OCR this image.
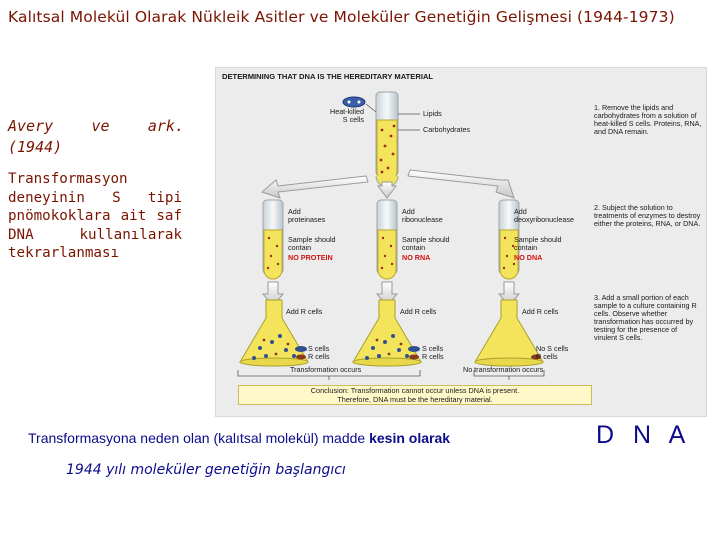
Kalıtsal Molekül Olarak Nükleik Asitler ve Moleküler Genetiğin Gelişmesi (1944-1973)
Avery	ve	ark.
(1944)
Transformasyon deneyinin S tipi pnömokoklara ait saf DNA kullanılarak tekrarlanması
DETERMINING THAT DNA IS THE HEREDITARY MATERIAL
Heat-killed
S cells
Lipids
Carbohydrates
1. Remove the lipids and carbohydrates from a solution of heat-killed S cells. Proteins, RNA, and DNA remain.
Add
proteinases
Sample should
contain
NO PROTEIN
Add
ribonuclease
Sample should
contain
NO RNA
Add
deoxyribonuclease
Sample should
contain
NO DNA
2. Subject the solution to treatments of enzymes to destroy either the proteins, RNA, or DNA.
Add R cells
S cells
R cells
Transformation occurs
Add R cells
S cells
R cells
Add R cells
No S cells
R cells
No transformation occurs
3. Add a small portion of each sample to a culture containing R cells. Observe whether transformation has occurred by testing for the presence of virulent S cells.
Conclusion: Transformation cannot occur unless DNA is present.
Therefore, DNA must be the hereditary material.
Transformasyona neden olan (kalıtsal molekül) madde kesin olarak	D N A
1944 yılı moleküler genetiğin başlangıcı
